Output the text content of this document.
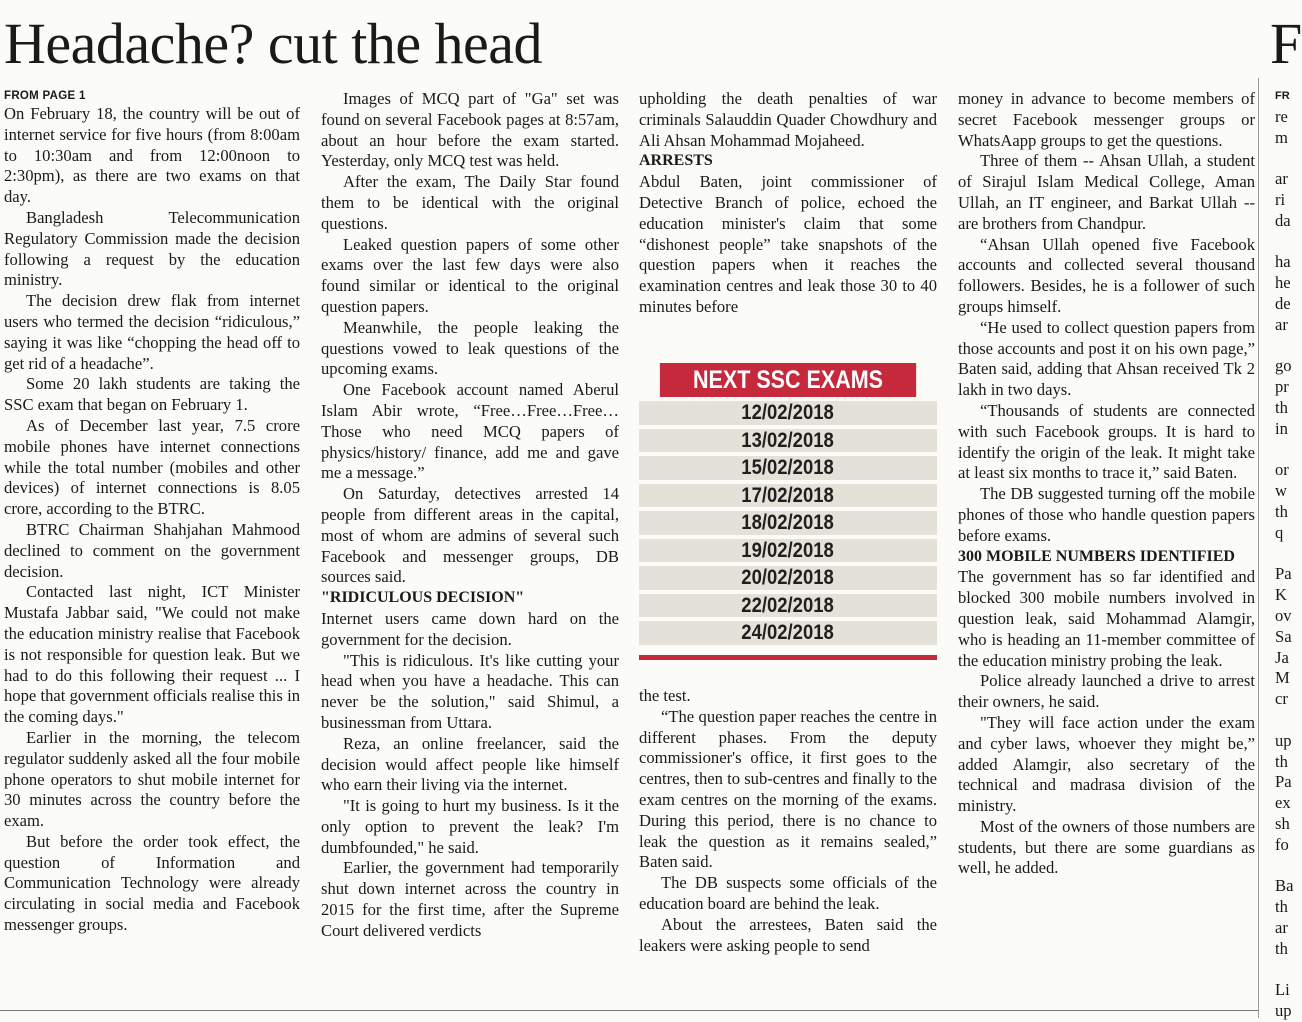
Headache? cut the head	F

FROM PAGE 1

On February 18, the country will be out of internet service for five hours (from 8:00am to 10:30am and from 12:00noon to 2:30pm), as there are two exams on that day.

Bangladesh Telecommunication Regulatory Commission made the decision following a request by the education ministry.

The decision drew flak from internet users who termed the decision “ridiculous,” saying it was like “chopping the head off to get rid of a headache”.

Some 20 lakh students are taking the SSC exam that began on February 1.

As of December last year, 7.5 crore mobile phones have internet connections while the total number (mobiles and other devices) of internet connections is 8.05 crore, according to the BTRC.

BTRC Chairman Shahjahan Mahmood declined to comment on the government decision.

Contacted last night, ICT Minister Mustafa Jabbar said, "We could not make the education ministry realise that Facebook is not responsible for question leak. But we had to do this following their request ... I hope that government officials realise this in the coming days."

Earlier in the morning, the telecom regulator suddenly asked all the four mobile phone operators to shut mobile internet for 30 minutes across the country before the exam.

But before the order took effect, the question of Information and Communication Technology were already circulating in social media and Facebook messenger groups.

Images of MCQ part of "Ga" set was found on several Facebook pages at 8:57am, about an hour before the exam started. Yesterday, only MCQ test was held.

After the exam, The Daily Star found them to be identical with the original questions.

Leaked question papers of some other exams over the last few days were also found similar or identical to the original question papers.

Meanwhile, the people leaking the questions vowed to leak questions of the upcoming exams.

One Facebook account named Aberul Islam Abir wrote, “Free…Free…Free…Those who need MCQ papers of physics/history/ finance, add me and gave me a message.”

On Saturday, detectives arrested 14 people from different areas in the capital, most of whom are admins of several such Facebook and messenger groups, DB sources said.

"RIDICULOUS DECISION"

Internet users came down hard on the government for the decision.

"This is ridiculous. It's like cutting your head when you have a headache. This can never be the solution," said Shimul, a businessman from Uttara.

Reza, an online freelancer, said the decision would affect people like himself who earn their living via the internet.

"It is going to hurt my business. Is it the only option to prevent the leak? I'm dumbfounded," he said.

Earlier, the government had temporarily shut down internet across the country in 2015 for the first time, after the Supreme Court delivered verdicts

upholding the death penalties of war criminals Salauddin Quader Chowdhury and Ali Ahsan Mohammad Mojaheed.

ARRESTS

Abdul Baten, joint commissioner of Detective Branch of police, echoed the education minister's claim that some “dishonest people” take snapshots of the question papers when it reaches the examination centres and leak those 30 to 40 minutes before

NEXT SSC EXAMS
12/02/2018
13/02/2018
15/02/2018
17/02/2018
18/02/2018
19/02/2018
20/02/2018
22/02/2018
24/02/2018

the test.

“The question paper reaches the centre in different phases. From the deputy commissioner's office, it first goes to the centres, then to sub-centres and finally to the exam centres on the morning of the exams. During this period, there is no chance to leak the question as it remains sealed,” Baten said.

The DB suspects some officials of the education board are behind the leak.

About the arrestees, Baten said the leakers were asking people to send

money in advance to become members of secret Facebook messenger groups or WhatsAapp groups to get the questions.

Three of them -- Ahsan Ullah, a student of Sirajul Islam Medical College, Aman Ullah, an IT engineer, and Barkat Ullah -- are brothers from Chandpur.

“Ahsan Ullah opened five Facebook accounts and collected several thousand followers. Besides, he is a follower of such groups himself.

“He used to collect question papers from those accounts and post it on his own page,” Baten said, adding that Ahsan received Tk 2 lakh in two days.

“Thousands of students are connected with such Facebook groups. It is hard to identify the origin of the leak. It might take at least six months to trace it,” said Baten.

The DB suggested turning off the mobile phones of those who handle question papers before exams.

300 MOBILE NUMBERS IDENTIFIED

The government has so far identified and blocked 300 mobile numbers involved in question leak, said Mohammad Alamgir, who is heading an 11-member committee of the education ministry probing the leak.

Police already launched a drive to arrest their owners, he said.

"They will face action under the exam and cyber laws, whoever they might be,” added Alamgir, also secretary of the technical and madrasa division of the ministry.

Most of the owners of those numbers are students, but there are some guardians as well, he added.

FR
re
m
ar
ri
da
ha
he
de
ar
go
pr
th
in
or
w
th
q
Pa
K
ov
Sa
Ja
M
cr
up
th
Pa
ex
sh
fo
Ba
th
ar
th
Li
up
